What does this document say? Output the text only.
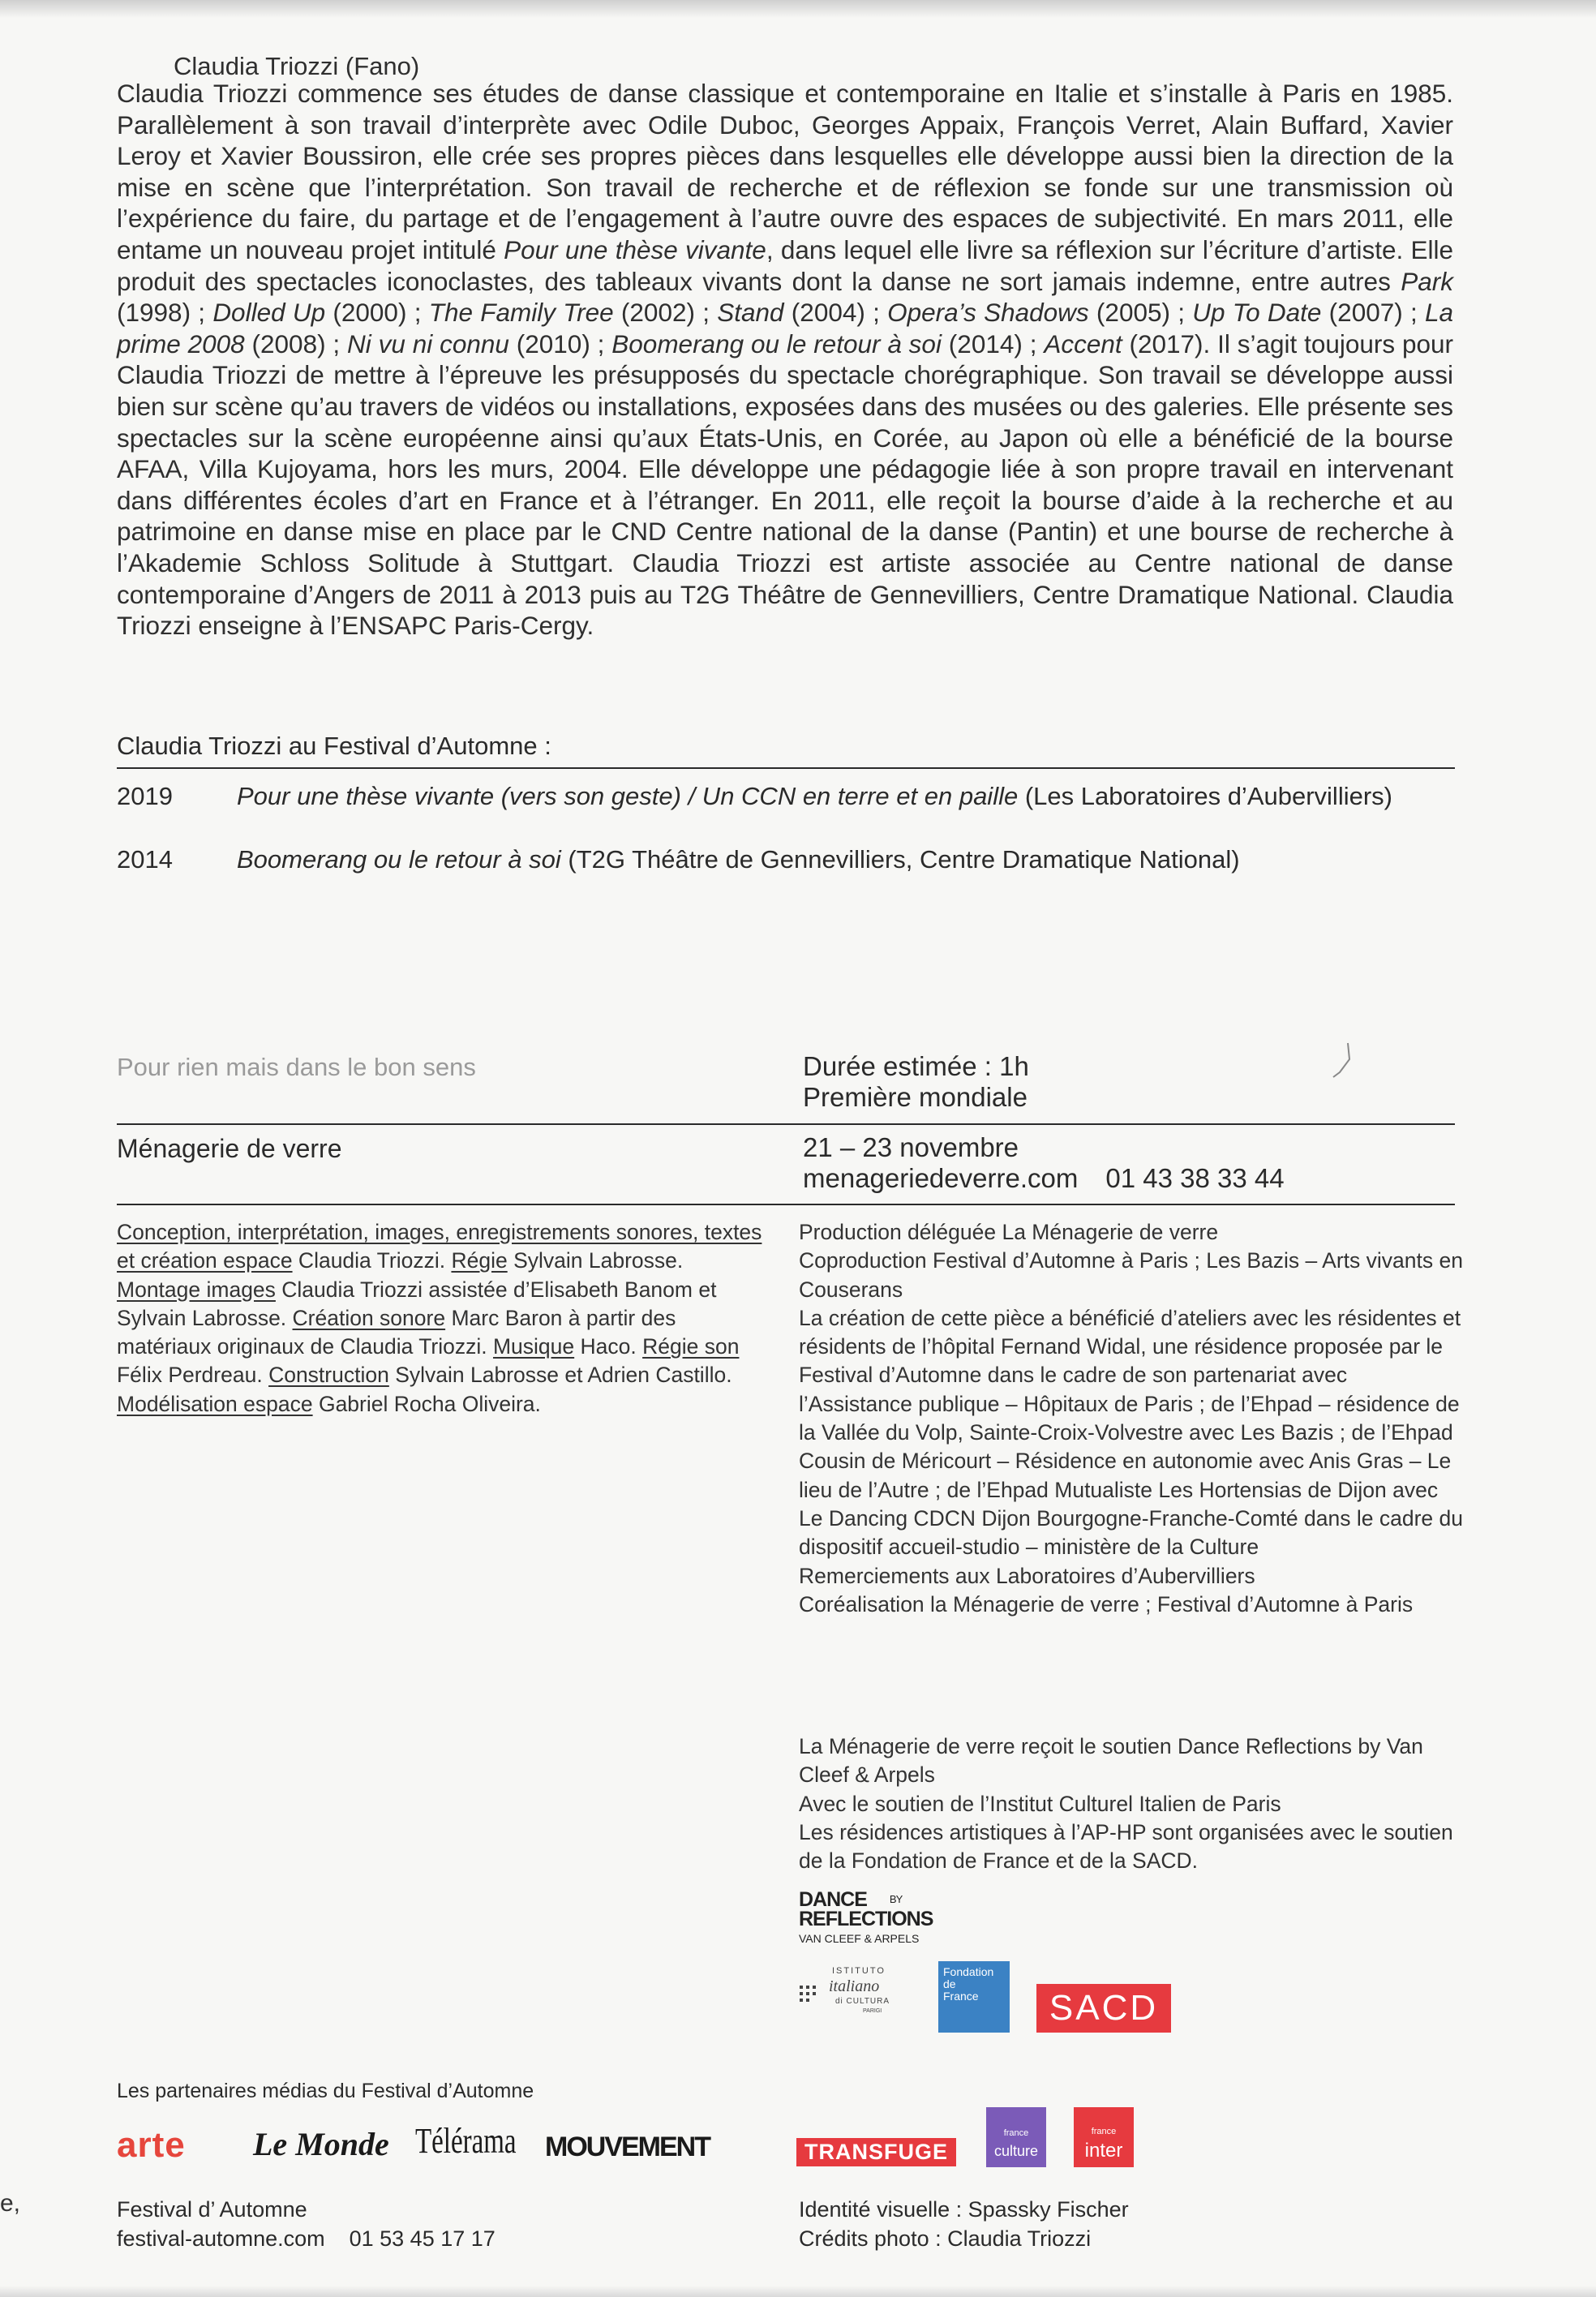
e,
Claudia Triozzi (Fano)
Claudia Triozzi commence ses études de danse classique et contemporaine en Italie et s’installe à Paris en 1985. Parallèlement à son travail d’interprète avec Odile Duboc, Georges Appaix, François Verret, Alain Buffard, Xavier Leroy et Xavier Boussiron, elle crée ses propres pièces dans lesquelles elle développe aussi bien la direction de la mise en scène que l’interprétation. Son travail de recherche et de réflexion se fonde sur une transmission où l’expérience du faire, du partage et de l’engagement à l’autre ouvre des espaces de subjectivité. En mars 2011, elle entame un nouveau projet intitulé Pour une thèse vivante, dans lequel elle livre sa réflexion sur l’écriture d’artiste. Elle produit des spectacles iconoclastes, des tableaux vivants dont la danse ne sort jamais indemne, entre autres Park (1998) ; Dolled Up (2000) ; The Family Tree (2002) ; Stand (2004) ; Opera’s Shadows (2005) ; Up To Date (2007) ; La prime 2008 (2008) ; Ni vu ni connu (2010) ; Boomerang ou le retour à soi (2014) ; Accent (2017). Il s’agit toujours pour Claudia Triozzi de mettre à l’épreuve les présupposés du spectacle chorégraphique. Son travail se développe aussi bien sur scène qu’au travers de vidéos ou installations, exposées dans des musées ou des galeries. Elle présente ses spectacles sur la scène européenne ainsi qu’aux États-Unis, en Corée, au Japon où elle a bénéficié de la bourse AFAA, Villa Kujoyama, hors les murs, 2004. Elle développe une pédagogie liée à son propre travail en intervenant dans différentes écoles d’art en France et à l’étranger. En 2011, elle reçoit la bourse d’aide à la recherche et au patrimoine en danse mise en place par le CND Centre national de la danse (Pantin) et une bourse de recherche à l’Akademie Schloss Solitude à Stuttgart. Claudia Triozzi est artiste associée au Centre national de danse contemporaine d’Angers de 2011 à 2013 puis au T2G Théâtre de Gennevilliers, Centre Dramatique National. Claudia Triozzi enseigne à l’ENSAPC Paris-Cergy.
Claudia Triozzi au Festival d’Automne :
2019	Pour une thèse vivante (vers son geste) / Un CCN en terre et en paille (Les Laboratoires d’Aubervilliers)
2014	Boomerang ou le retour à soi (T2G Théâtre de Gennevilliers, Centre Dramatique National)
Pour rien mais dans le bon sens	Durée estimée : 1h
Première mondiale
Ménagerie de verre	21 – 23 novembre
menageriedeverre.com 01 43 38 33 44
Conception, interprétation, images, enregistrements sonores, textes et création espace Claudia Triozzi. Régie Sylvain Labrosse. Montage images Claudia Triozzi assistée d’Elisabeth Banom et Sylvain Labrosse. Création sonore Marc Baron à partir des matériaux originaux de Claudia Triozzi. Musique Haco. Régie son Félix Perdreau. Construction Sylvain Labrosse et Adrien Castillo. Modélisation espace Gabriel Rocha Oliveira.

Production déléguée La Ménagerie de verre

Coproduction Festival d’Automne à Paris ; Les Bazis – Arts vivants en Couserans

La création de cette pièce a bénéficié d’ateliers avec les résidentes et résidents de l’hôpital Fernand Widal, une résidence proposée par le Festival d’Automne dans le cadre de son partenariat avec l’Assistance publique – Hôpitaux de Paris ; de l’Ehpad – résidence de la Vallée du Volp, Sainte-Croix-Volvestre avec Les Bazis ; de l’Ehpad Cousin de Méricourt – Résidence en autonomie avec Anis Gras – Le lieu de l’Autre ; de l’Ehpad Mutualiste Les Hortensias de Dijon avec Le Dancing CDCN Dijon Bourgogne-Franche-Comté dans le cadre du dispositif accueil-studio – ministère de la Culture

Remerciements aux Laboratoires d’Aubervilliers

Coréalisation la Ménagerie de verre ; Festival d’Automne à Paris

La Ménagerie de verre reçoit le soutien Dance Reflections by Van Cleef & Arpels

Avec le soutien de l’Institut Culturel Italien de Paris

Les résidences artistiques à l’AP-HP sont organisées avec le soutien de la Fondation de France et de la SACD.

DANCE $^{BY}$
REFLECTIONS
VAN CLEEF & ARPELS
ISTITUTO
italiano
di CULTURA
PARIGI
Fondation
de
France	SACD
Les partenaires médias du Festival d’Automne
arte Le Monde Télérama MOUVEMENT	TRANSFUGE
france
culture
france
inter
Festival d’ Automne
festival-automne.com 01 53 45 17 17
Identité visuelle : Spassky Fischer
Crédits photo : Claudia Triozzi
